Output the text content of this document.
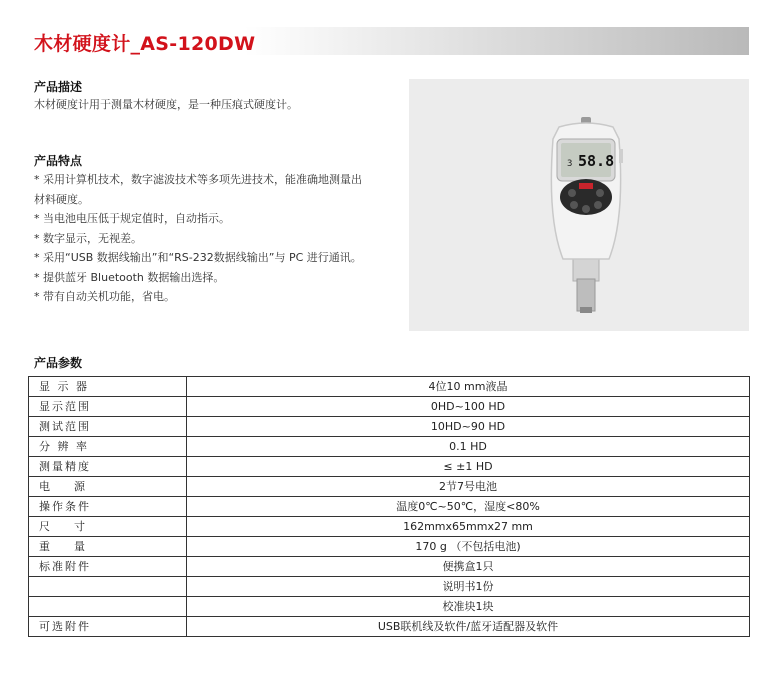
木材硬度计_AS-120DW
产品描述
木材硬度计用于测量木材硬度，是一种压痕式硬度计。
产品特点
* 采用计算机技术，数字滤波技术等多项先进技术，能准确地测量出材料硬度。
* 当电池电压低于规定值时，自动指示。
* 数字显示，无视差。
* 采用“USB 数据线输出”和“RS-232数据线输出”与 PC 进行通讯。
* 提供蓝牙 Bluetooth 数据输出选择。
* 带有自动关机功能，省电。
3 58.8
产品参数
显 示 器	4位10 mm液晶
显示范围	0HD~100 HD
测试范围	10HD~90 HD
分 辨 率	0.1 HD
测量精度	≤ ±1 HD
电    源	2节7号电池
操作条件	温度0℃~50℃，湿度<80%
尺    寸	162mmx65mmx27 mm
重    量	170 g （不包括电池)
标准附件	便携盒1只
	说明书1份
	校准块1块
可选附件	USB联机线及软件/蓝牙适配器及软件
